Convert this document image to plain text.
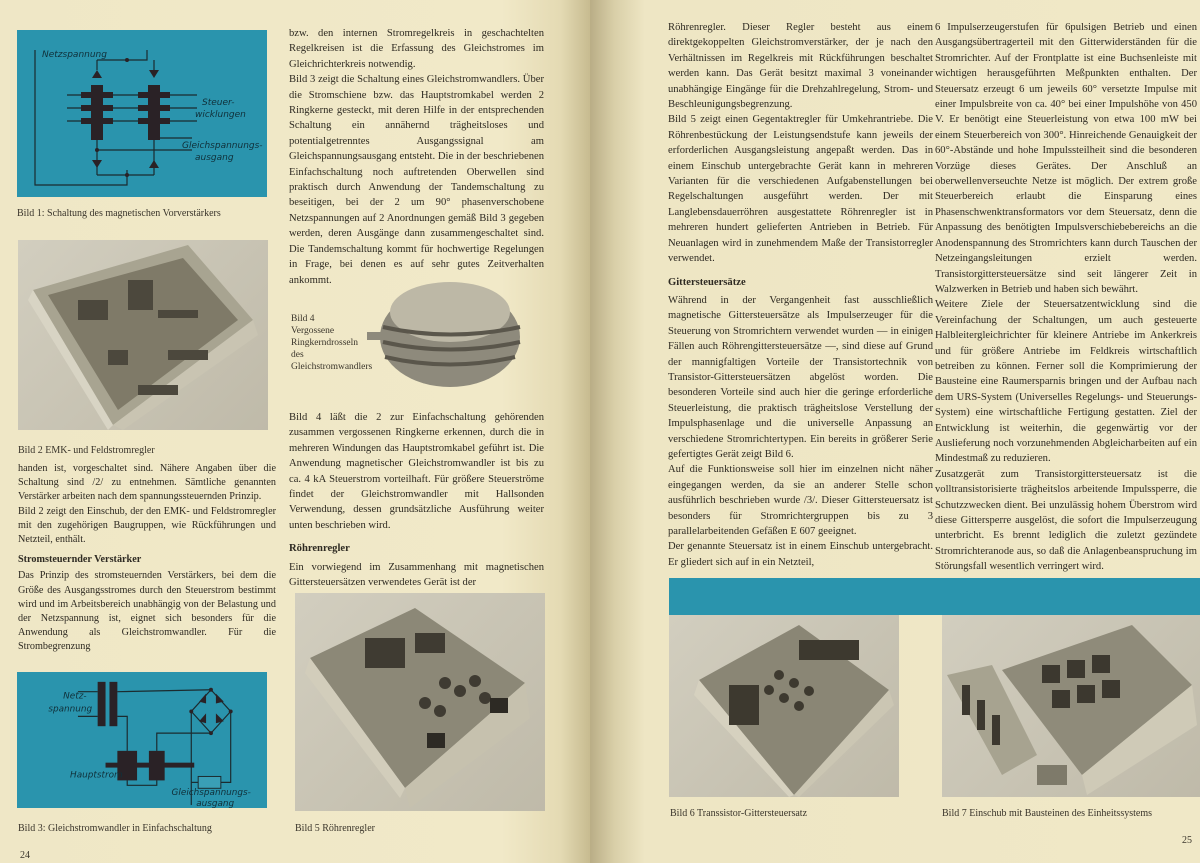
Netzspannung
Steuer-
wicklungen
Gleichspannungs-
ausgang
Bild 1: Schaltung des magnetischen Vorverstärkers
Bild 2 EMK- und Feldstromregler

handen ist, vorgeschaltet sind. Nähere Angaben über die Schaltung sind /2/ zu entnehmen. Sämtliche genannten Verstärker arbeiten nach dem spannungssteuernden Prinzip.

Bild 2 zeigt den Einschub, der den EMK- und Feldstromregler mit den zugehörigen Baugruppen, wie Rückführungen und Netzteil, enthält.

Stromsteuernder Verstärker

Das Prinzip des stromsteuernden Verstärkers, bei dem die Größe des Ausgangsstromes durch den Steuerstrom bestimmt wird und im Arbeitsbereich unabhängig von der Belastung und der Netzspannung ist, eignet sich besonders für die Anwendung als Gleichstromwandler. Für die Strombegrenzung

Netz-
spannung
Hauptstrom
Gleichspannungs-
ausgang
Bild 3: Gleichstromwandler in Einfachschaltung
24

bzw. den internen Stromregelkreis in geschachtelten Regelkreisen ist die Erfassung des Gleichstromes im Gleichrichterkreis notwendig.

Bild 3 zeigt die Schaltung eines Gleichstromwandlers. Über die Stromschiene bzw. das Hauptstromkabel werden 2 Ringkerne gesteckt, mit deren Hilfe in der entsprechenden Schaltung ein annähernd trägheitsloses und potentialgetrenntes Ausgangssignal am Gleichspannungsausgang entsteht. Die in der beschriebenen Einfachschaltung noch auftretenden Oberwellen sind praktisch durch Anwendung der Tandemschaltung zu beseitigen, bei der 2 um 90° phasenverschobene Netzspannungen auf 2 Anordnungen gemäß Bild 3 gegeben werden, deren Ausgänge dann zusammengeschaltet sind. Die Tandemschaltung kommt für hochwertige Regelungen in Frage, bei denen es auf sehr gutes Zeitverhalten ankommt.

Bild 4 Vergossene Ringkerndrosseln des Gleichstromwandlers

Bild 4 läßt die 2 zur Einfachschaltung gehörenden zusammen vergossenen Ringkerne erkennen, durch die in mehreren Windungen das Hauptstromkabel geführt ist. Die Anwendung magnetischer Gleichstromwandler ist bis zu ca. 4 kA Steuerstrom vorteilhaft. Für größere Steuerströme findet der Gleichstromwandler mit Hallsonden Verwendung, dessen grundsätzliche Ausführung weiter unten beschrieben wird.

Röhrenregler

Ein vorwiegend im Zusammenhang mit magnetischen Gittersteuersätzen verwendetes Gerät ist der

Bild 5 Röhrenregler

Röhrenregler. Dieser Regler besteht aus einem direktgekoppelten Gleichstromverstärker, der je nach den Verhältnissen im Regelkreis mit Rückführungen beschaltet werden kann. Das Gerät besitzt maximal 3 voneinander unabhängige Eingänge für die Drehzahlregelung, Strom- und Beschleunigungsbegrenzung.

Bild 5 zeigt einen Gegentaktregler für Umkehrantriebe. Die Röhrenbestückung der Leistungsendstufe kann jeweils der erforderlichen Ausgangsleistung angepaßt werden. Das in einem Einschub untergebrachte Gerät kann in mehreren Varianten für die verschiedenen Aufgabenstellungen bei Regelschaltungen ausgeführt werden. Der mit Langlebensdauerröhren ausgestattete Röhrenregler ist in mehreren hundert gelieferten Antrieben in Betrieb. Für Neuanlagen wird in zunehmendem Maße der Transistorregler verwendet.

Gittersteuersätze

Während in der Vergangenheit fast ausschließlich magnetische Gittersteuersätze als Impulserzeuger für die Steuerung von Stromrichtern verwendet wurden — in einigen Fällen auch Röhrengittersteuersätze —, sind diese auf Grund der mannigfaltigen Vorteile der Transistortechnik von Transistor-Gittersteuersätzen abgelöst worden. Die besonderen Vorteile sind auch hier die geringe erforderliche Steuerleistung, die praktisch trägheitslose Verstellung der Impulsphasenlage und die universelle Anpassung an verschiedene Stromrichtertypen. Ein bereits in größerer Serie gefertigtes Gerät zeigt Bild 6.

Auf die Funktionsweise soll hier im einzelnen nicht näher eingegangen werden, da sie an anderer Stelle schon ausführlich beschrieben wurde /3/. Dieser Gittersteuersatz ist besonders für Stromrichtergruppen bis zu 3 parallelarbeitenden Gefäßen E 607 geeignet.

Der genannte Steuersatz ist in einem Einschub untergebracht. Er gliedert sich auf in ein Netzteil,

6 Impulserzeugerstufen für 6pulsigen Betrieb und einen Ausgangsübertragerteil mit den Gitterwiderständen für die Stromrichter. Auf der Frontplatte ist eine Buchsenleiste mit wichtigen herausgeführten Meßpunkten enthalten. Der Steuersatz erzeugt 6 um jeweils 60° versetzte Impulse mit einer Impulsbreite von ca. 40° bei einer Impulshöhe von 450 V. Er benötigt eine Steuerleistung von etwa 100 mW bei einem Steuerbereich von 300°. Hinreichende Genauigkeit der 60°-Abstände und hohe Impulssteilheit sind die besonderen Vorzüge dieses Gerätes. Der Anschluß an oberwellenverseuchte Netze ist möglich. Der extrem große Steuerbereich erlaubt die Einsparung eines Phasenschwenktransformators vor dem Steuersatz, denn die Anpassung des benötigten Impulsverschiebebereichs an die Anodenspannung des Stromrichters kann durch Tauschen der Netzeingangsleitungen erzielt werden. Transistorgittersteuersätze sind seit längerer Zeit in Walzwerken in Betrieb und haben sich bewährt.

Weitere Ziele der Steuersatzentwicklung sind die Vereinfachung der Schaltungen, um auch gesteuerte Halbleitergleichrichter für kleinere Antriebe im Ankerkreis und für größere Antriebe im Feldkreis wirtschaftlich betreiben zu können. Ferner soll die Komprimierung der Bausteine eine Raumersparnis bringen und der Aufbau nach dem URS-System (Universelles Regelungs- und Steuerungs-System) eine wirtschaftliche Fertigung gestatten. Ziel der Entwicklung ist weiterhin, die gegenwärtig vor der Auslieferung noch vorzunehmenden Abgleicharbeiten auf ein Mindestmaß zu reduzieren.

Zusatzgerät zum Transistorgittersteuersatz ist die volltransistorisierte trägheitslos arbeitende Impulssperre, die Schutzzwecken dient. Bei unzulässig hohem Überstrom wird diese Gittersperre ausgelöst, die sofort die Impulserzeugung unterbricht. Es brennt lediglich die zuletzt gezündete Stromrichteranode aus, so daß die Anlagenbeanspruchung im Störungsfall wesentlich verringert wird.

Bild 6 Transsistor-Gittersteuersatz	Bild 7 Einschub mit Bausteinen des Einheitssystems
25
